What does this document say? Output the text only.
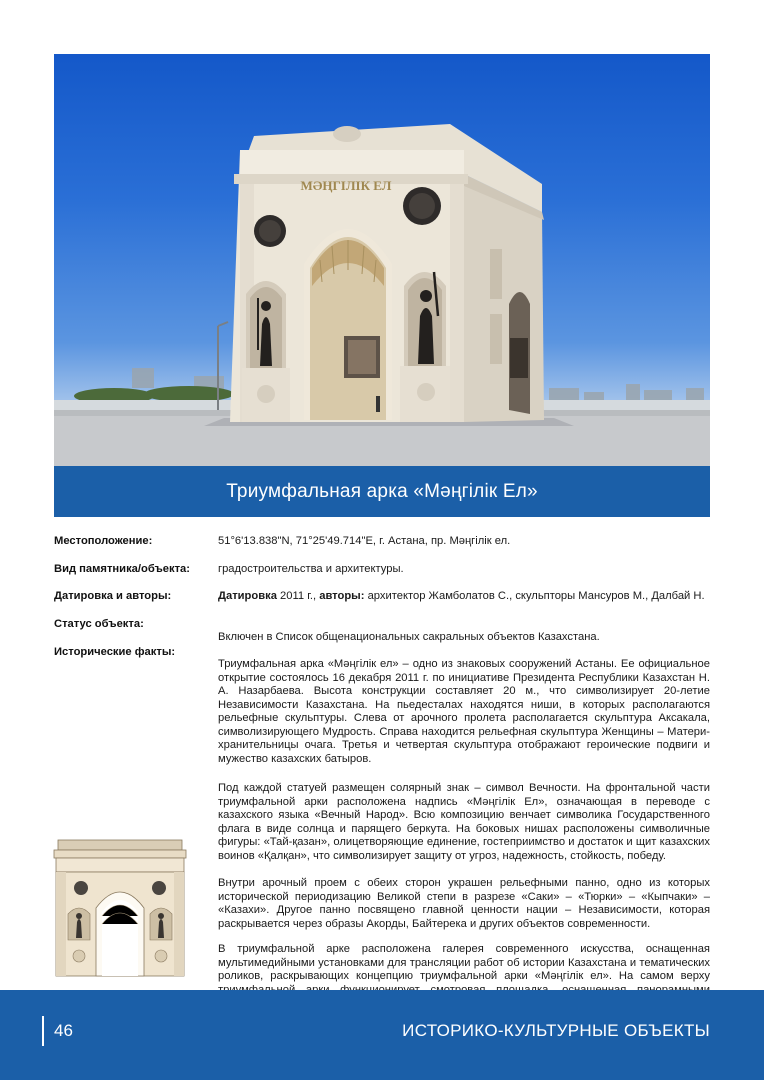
МӘҢГІЛІК ЕЛ
Триумфальная арка «Мәңгілік Ел»
Местоположение:	51°6'13.838"N, 71°25'49.714"E, г. Астана, пр. Мәңгілік ел.
Вид памятника/объекта:	градостроительства и архитектуры.
Датировка и авторы:	Датировка 2011 г., авторы: архитектор Жамболатов С., скульпторы Мансуров М., Далбай Н.
Статус объекта:
Включен в Список общенациональных сакральных объектов Казахстана.
Исторические факты:

Триумфальная арка «Мәңгілік ел» – одно из знаковых сооружений Астаны. Ее официальное открытие состоялось 16 декабря 2011 г. по инициативе Президента Республики Казахстан Н. А. Назарбаева. Высота конструкции составляет 20 м., что символизирует 20-летие Независимости Казахстана. На пьедесталах находятся ниши, в которых располагаются рельефные скульптуры. Слева от арочного пролета располагается скульптура Аксакала, символизирующего Мудрость. Справа находится рельефная скульптура Женщины – Матери-хранительницы очага. Третья и четвертая скульптура отображают героические подвиги и мужество казахских батыров.

Под каждой статуей размещен солярный знак – символ Вечности. На фронтальной части триумфальной арки расположена надпись «Мәңгілік Ел», означающая в переводе с казахского языка «Вечный Народ». Всю композицию венчает символика Государственного флага в виде солнца и парящего беркута. На боковых нишах расположены символичные фигуры: «Тай-қазан», олицетворяющие единение, гостеприимство и достаток и щит казахских воинов «Қалқан», что символизирует защиту от угроз, надежность, стойкость, победу.

Внутри арочный проем с обеих сторон украшен рельефными панно, одно из которых исторической периодизацию Великой степи в разрезе «Саки» – «Тюрки» – «Кыпчаки» – «Казахи». Другое панно посвящено главной ценности нации – Независимости, которая раскрывается через образы Акорды, Байтерека и других объектов современности.

В триумфальной арке расположена галерея современного искусства, оснащенная мультимедийными установками для трансляции работ об истории Казахстана и тематических роликов, раскрывающих концепцию триумфальной арки «Мәңгілік ел». На самом верху

46	ИСТОРИКО-КУЛЬТУРНЫЕ ОБЪЕКТЫ
